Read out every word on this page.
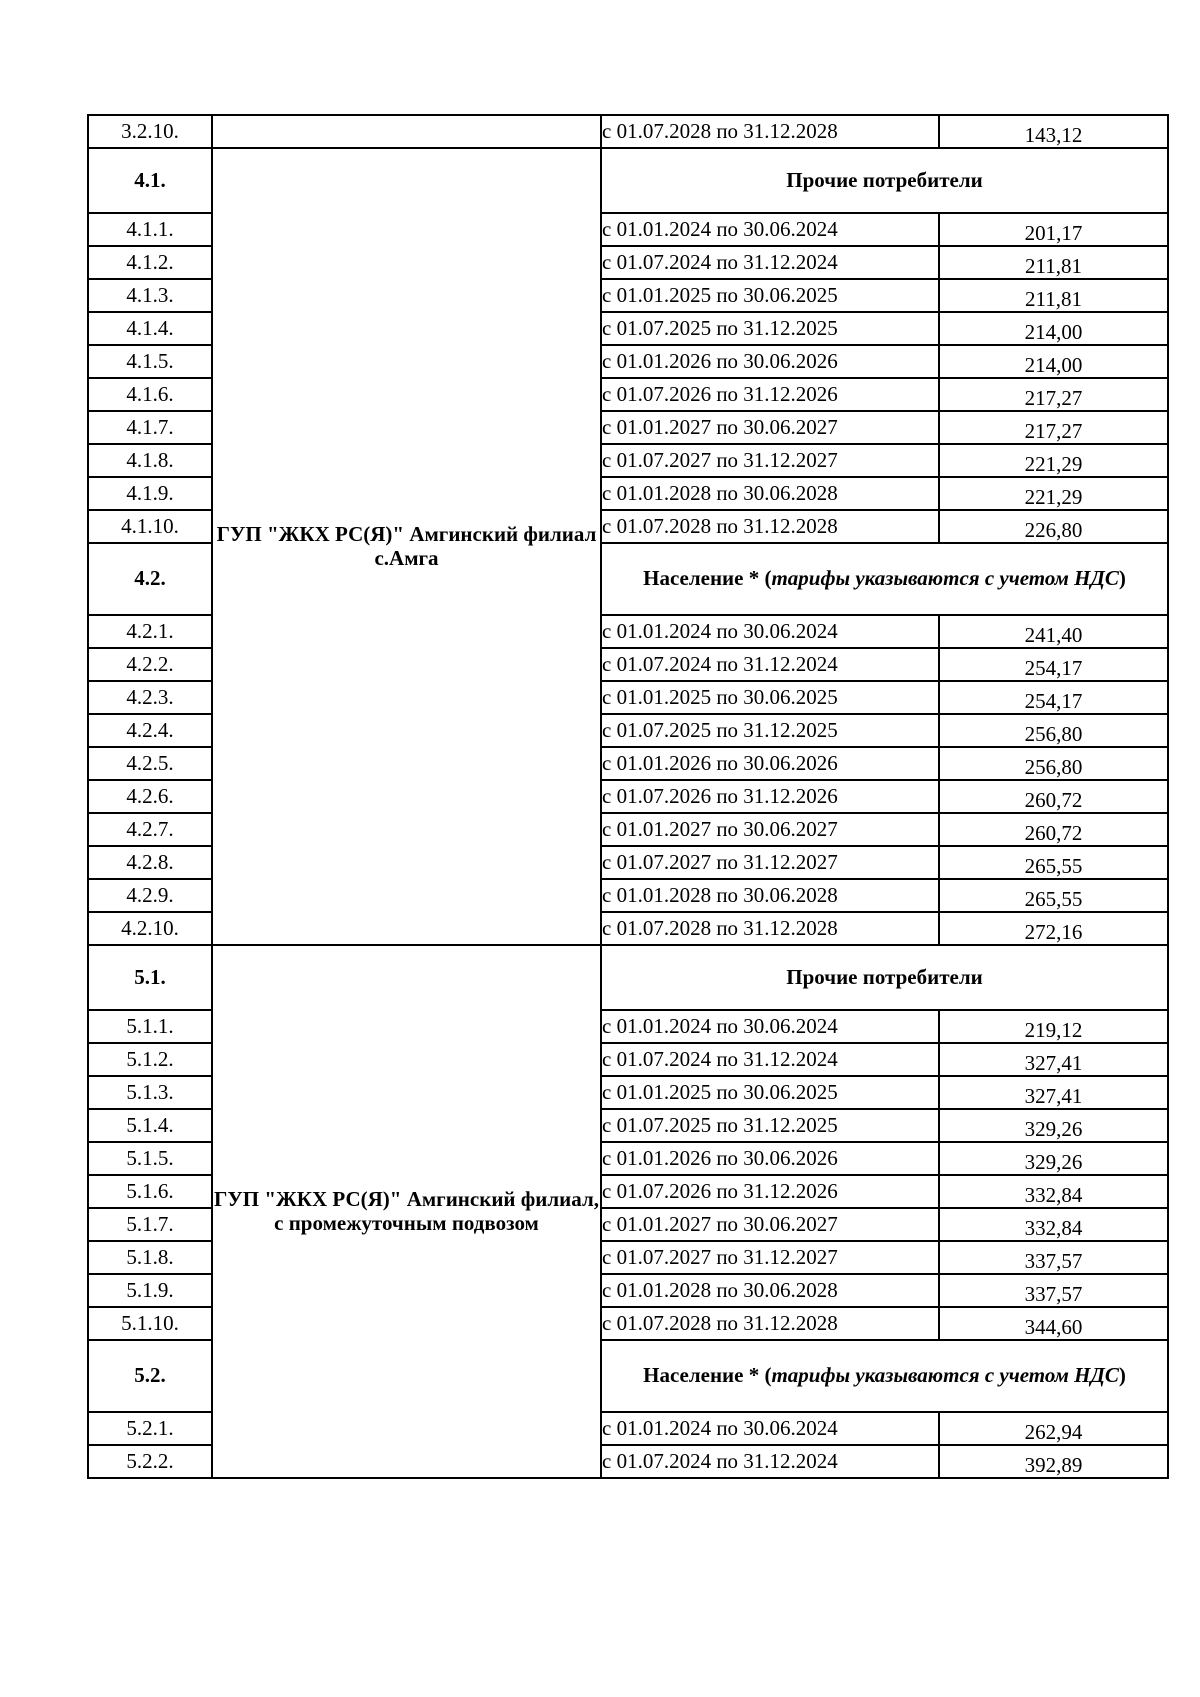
3.2.10.		с 01.07.2028 по 31.12.2028	143,12
4.1.	ГУП "ЖКХ РС(Я)" Амгинский филиал с.Амга	Прочие потребители	
4.1.1.		с 01.01.2024 по 30.06.2024	201,17
4.1.2.		с 01.07.2024 по 31.12.2024	211,81
4.1.3.		с 01.01.2025 по 30.06.2025	211,81
4.1.4.		с 01.07.2025 по 31.12.2025	214,00
4.1.5.		с 01.01.2026 по 30.06.2026	214,00
4.1.6.		с 01.07.2026 по 31.12.2026	217,27
4.1.7.		с 01.01.2027 по 30.06.2027	217,27
4.1.8.		с 01.07.2027 по 31.12.2027	221,29
4.1.9.		с 01.01.2028 по 30.06.2028	221,29
4.1.10.		с 01.07.2028 по 31.12.2028	226,80
4.2.		Население * (тарифы указываются с учетом НДС)	
4.2.1.		с 01.01.2024 по 30.06.2024	241,40
4.2.2.		с 01.07.2024 по 31.12.2024	254,17
4.2.3.		с 01.01.2025 по 30.06.2025	254,17
4.2.4.		с 01.07.2025 по 31.12.2025	256,80
4.2.5.		с 01.01.2026 по 30.06.2026	256,80
4.2.6.		с 01.07.2026 по 31.12.2026	260,72
4.2.7.		с 01.01.2027 по 30.06.2027	260,72
4.2.8.		с 01.07.2027 по 31.12.2027	265,55
4.2.9.		с 01.01.2028 по 30.06.2028	265,55
4.2.10.		с 01.07.2028 по 31.12.2028	272,16
5.1.	ГУП "ЖКХ РС(Я)" Амгинский филиал, с промежуточным подвозом	Прочие потребители	
5.1.1.		с 01.01.2024 по 30.06.2024	219,12
5.1.2.		с 01.07.2024 по 31.12.2024	327,41
5.1.3.		с 01.01.2025 по 30.06.2025	327,41
5.1.4.		с 01.07.2025 по 31.12.2025	329,26
5.1.5.		с 01.01.2026 по 30.06.2026	329,26
5.1.6.		с 01.07.2026 по 31.12.2026	332,84
5.1.7.		с 01.01.2027 по 30.06.2027	332,84
5.1.8.		с 01.07.2027 по 31.12.2027	337,57
5.1.9.		с 01.01.2028 по 30.06.2028	337,57
5.1.10.		с 01.07.2028 по 31.12.2028	344,60
5.2.		Население * (тарифы указываются с учетом НДС)	
5.2.1.		с 01.01.2024 по 30.06.2024	262,94
5.2.2.		с 01.07.2024 по 31.12.2024	392,89
